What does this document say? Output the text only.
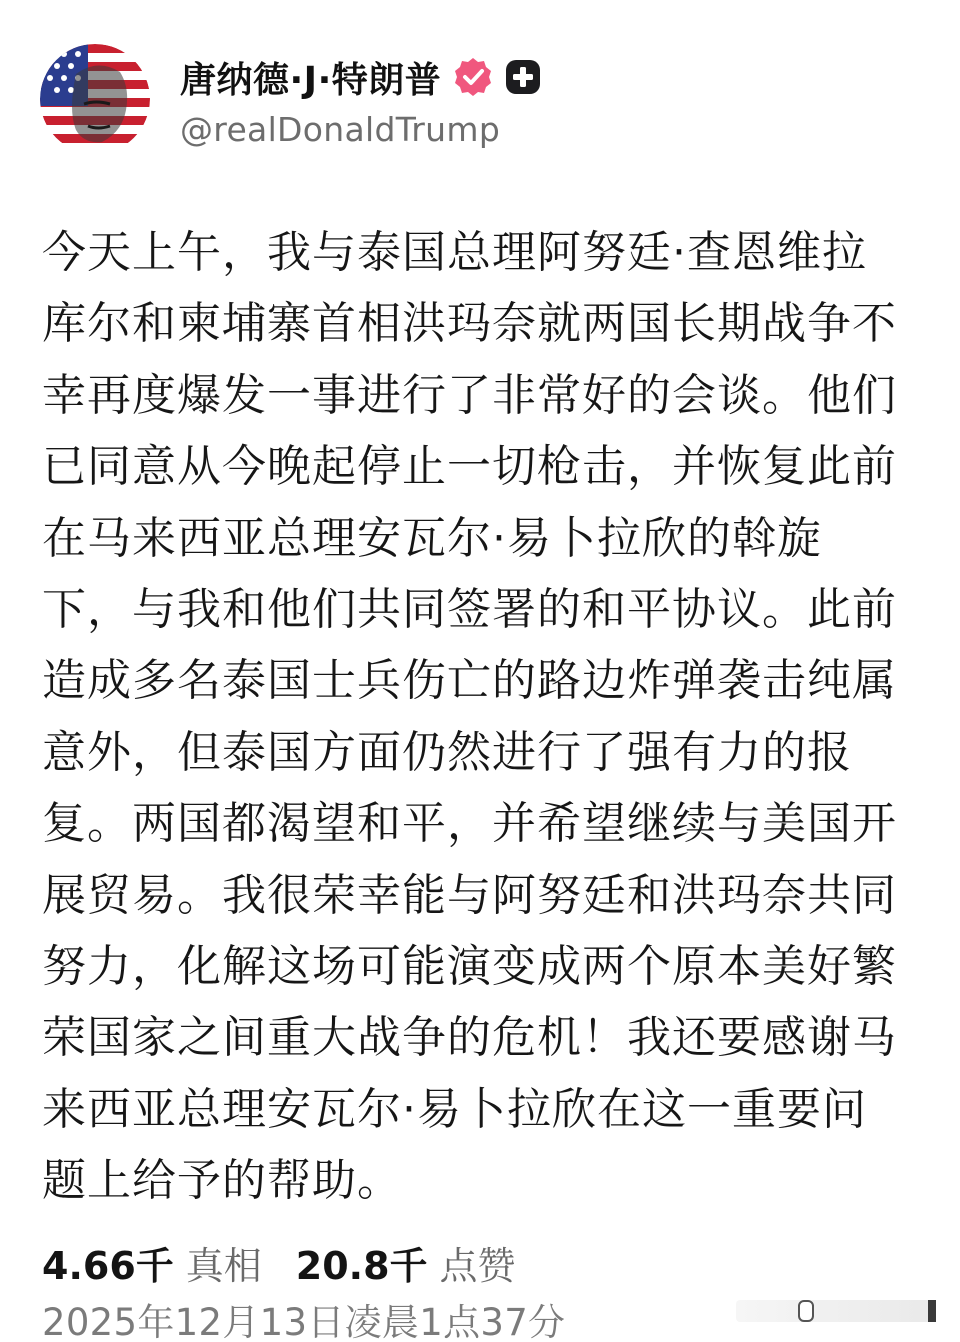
唐纳德·J·特朗普
@realDonaldTrump
今天上午，我与泰国总理阿努廷·查恩维拉
库尔和柬埔寨首相洪玛奈就两国长期战争不
幸再度爆发一事进行了非常好的会谈。他们
已同意从今晚起停止一切枪击，并恢复此前
在马来西亚总理安瓦尔·易卜拉欣的斡旋
下，与我和他们共同签署的和平协议。此前
造成多名泰国士兵伤亡的路边炸弹袭击纯属
意外，但泰国方面仍然进行了强有力的报
复。两国都渴望和平，并希望继续与美国开
展贸易。我很荣幸能与阿努廷和洪玛奈共同
努力，化解这场可能演变成两个原本美好繁
荣国家之间重大战争的危机！我还要感谢马
来西亚总理安瓦尔·易卜拉欣在这一重要问
题上给予的帮助。
4.66千 真相 20.8千 点赞
2025年12月13日凌晨1点37分
